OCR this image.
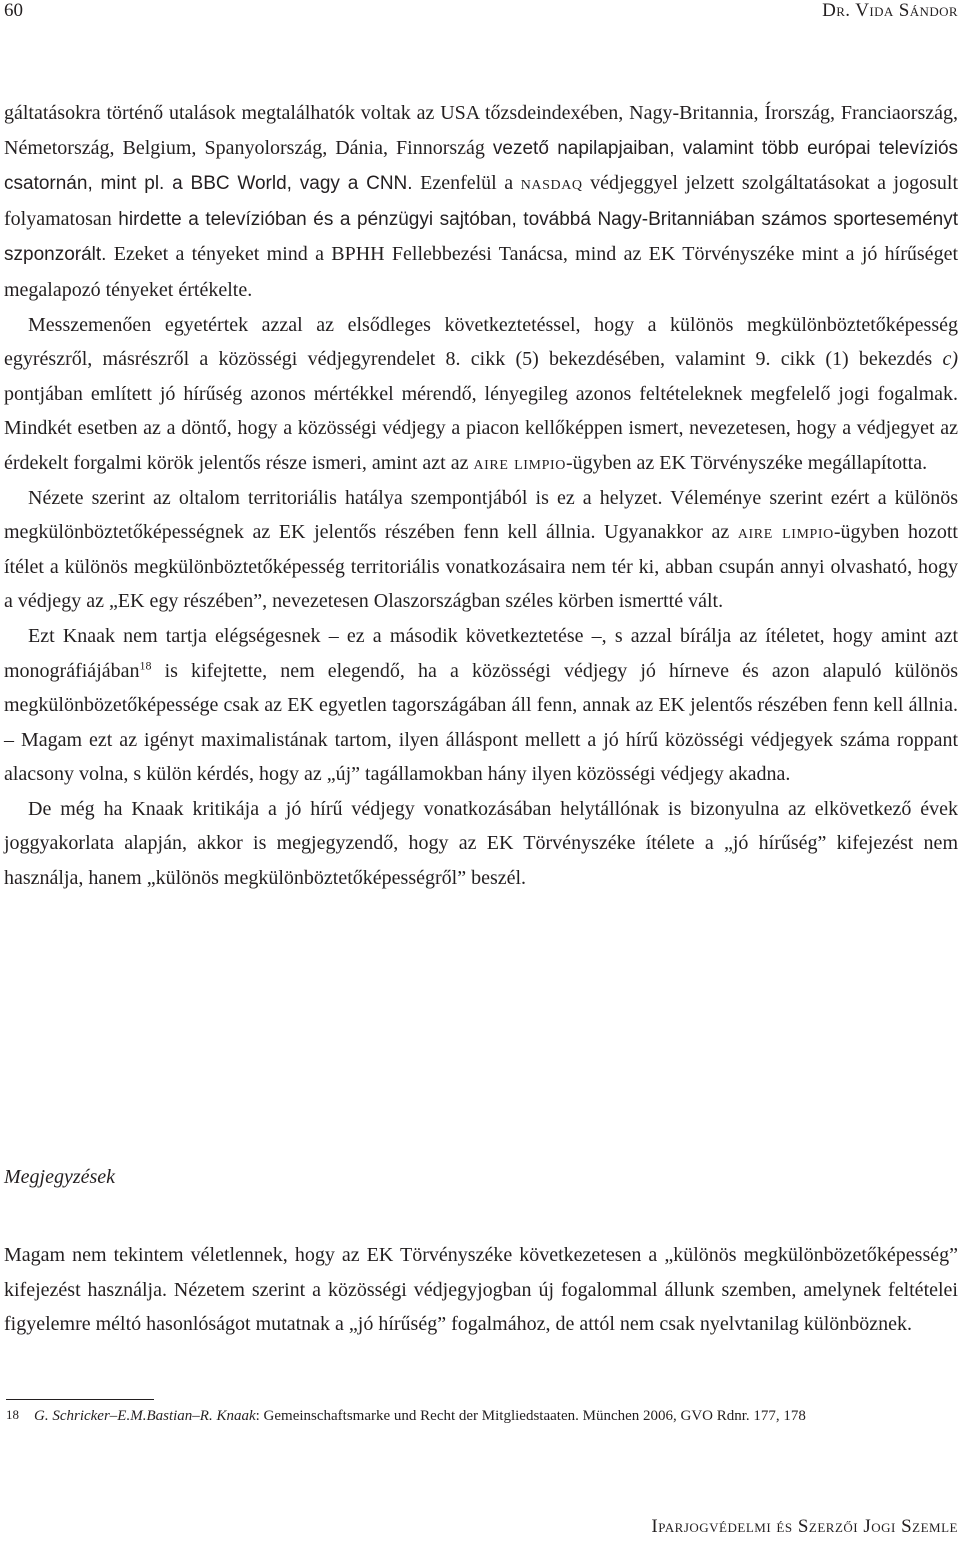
60	Dr. Vida Sándor

gáltatásokra történő utalások megtalálhatók voltak az USA tőzsdeindexében, Nagy-Britannia, Írország, Franciaország, Németország, Belgium, Spanyolország, Dánia, Finnország vezető napilapjaiban, valamint több európai televíziós csatornán, mint pl. a BBC World, vagy a CNN. Ezenfelül a nasdaq védjeggyel jelzett szolgáltatásokat a jogosult folyamatosan hirdette a televízióban és a pénzügyi sajtóban, továbbá Nagy-Britanniában számos sporteseményt szponzorált. Ezeket a tényeket mind a BPHH Fellebbezési Tanácsa, mind az EK Törvényszéke mint a jó hírűséget megalapozó tényeket értékelte.

Messzemenően egyetértek azzal az elsődleges következtetéssel, hogy a különös megkülönböztetőképesség egyrészről, másrészről a közösségi védjegyrendelet 8. cikk (5) bekezdésében, valamint 9. cikk (1) bekezdés c) pontjában említett jó hírűség azonos mértékkel mérendő, lényegileg azonos feltételeknek megfelelő jogi fogalmak. Mindkét esetben az a döntő, hogy a közösségi védjegy a piacon kellőképpen ismert, nevezetesen, hogy a védjegyet az érdekelt forgalmi körök jelentős része ismeri, amint azt az aire limpio-ügyben az EK Törvényszéke megállapította.

Nézete szerint az oltalom territoriális hatálya szempontjából is ez a helyzet. Véleménye szerint ezért a különös megkülönböztetőképességnek az EK jelentős részében fenn kell állnia. Ugyanakkor az aire limpio-ügyben hozott ítélet a különös megkülönböztetőképesség territoriális vonatkozásaira nem tér ki, abban csupán annyi olvasható, hogy a védjegy az „EK egy részében”, nevezetesen Olaszországban széles körben ismertté vált.

Ezt Knaak nem tartja elégségesnek – ez a második következtetése –, s azzal bírálja az ítéletet, hogy amint azt monográfiájában$^{18}$ is kifejtette, nem elegendő, ha a közösségi védjegy jó hírneve és azon alapuló különös megkülönbözetőképessége csak az EK egyetlen tagországában áll fenn, annak az EK jelentős részében fenn kell állnia. – Magam ezt az igényt maximalistának tartom, ilyen álláspont mellett a jó hírű közösségi védjegyek száma roppant alacsony volna, s külön kérdés, hogy az „új” tagállamokban hány ilyen közösségi védjegy akadna.

De még ha Knaak kritikája a jó hírű védjegy vonatkozásában helytállónak is bizonyulna az elkövetkező évek joggyakorlata alapján, akkor is megjegyzendő, hogy az EK Törvényszéke ítélete a „jó hírűség” kifejezést nem használja, hanem „különös megkülönböztetőképességről” beszél.

Megjegyzések

Magam nem tekintem véletlennek, hogy az EK Törvényszéke következetesen a „különös megkülönbözetőképesség” kifejezést használja. Nézetem szerint a közösségi védjegyjogban új fogalommal állunk szemben, amelynek feltételei figyelemre méltó hasonlóságot mutatnak a „jó hírűség” fogalmához, de attól nem csak nyelvtanilag különböznek.

18 G. Schricker–E.M.Bastian–R. Knaak: Gemeinschaftsmarke und Recht der Mitgliedstaaten. München 2006, GVO Rdnr. 177, 178

Iparjogvédelmi és Szerzői Jogi Szemle
